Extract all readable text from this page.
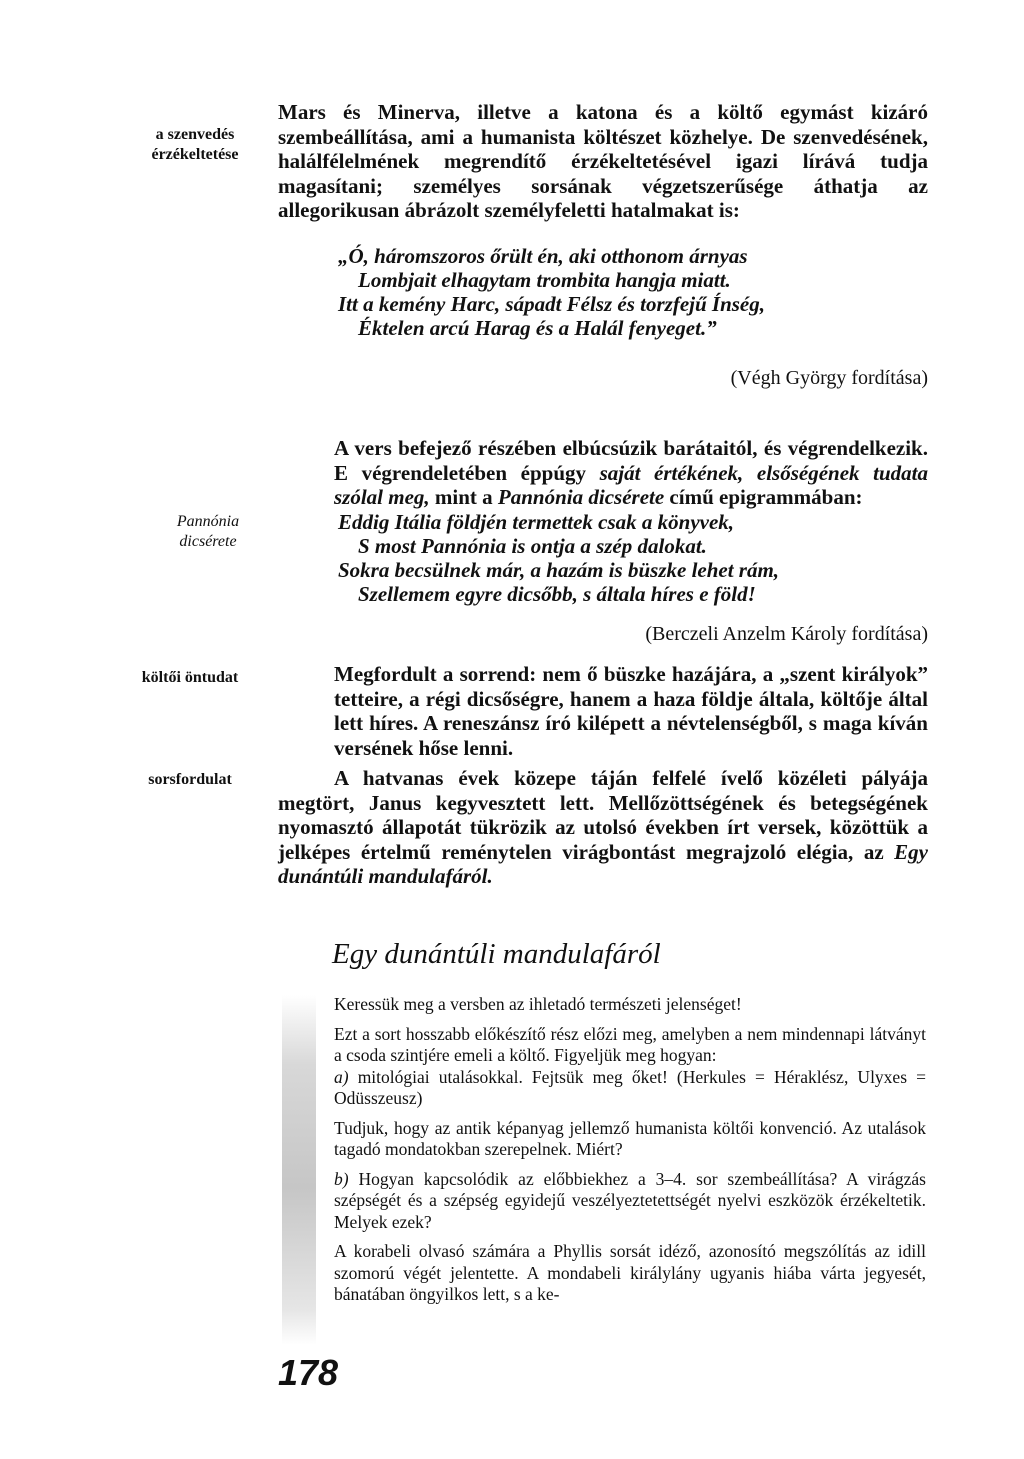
a szenvedés
érzékeltetése
Pannónia
dicsérete
költői öntudat
sorsfordulat

Mars és Minerva, illetve a katona és a költő egymást kizáró szembeállítása, ami a humanista költészet közhelye. De szenvedésének, halálfélelmének megrendítő érzékeltetésével igazi lírává tudja magasítani; személyes sorsának végzetszerűsége áthatja az allegorikusan ábrázolt személyfeletti hatalmakat is:

„Ó, háromszoros őrült én, aki otthonom árnyas
Lombjait elhagytam trombita hangja miatt.
Itt a kemény Harc, sápadt Félsz és torzfejű Ínség,
Éktelen arcú Harag és a Halál fenyeget.”
(Végh György fordítása)

A vers befejező részében elbúcsúzik barátaitól, és végrendelkezik. E végrendeletében éppúgy saját értékének, elsőségének tudata szólal meg, mint a Pannónia dicsérete című epigrammában:

Eddig Itália földjén termettek csak a könyvek,
S most Pannónia is ontja a szép dalokat.
Sokra becsülnek már, a hazám is büszke lehet rám,
Szellemem egyre dicsőbb, s általa híres e föld!
(Berczeli Anzelm Károly fordítása)

Megfordult a sorrend: nem ő büszke hazájára, a „szent királyok” tetteire, a régi dicsőségre, hanem a haza földje általa, költője által lett híres. A reneszánsz író kilépett a névtelenségből, s maga kíván versének hőse lenni.

A hatvanas évek közepe táján felfelé ívelő közéleti pályája megtört, Janus kegyvesztett lett. Mellőzöttségének és betegségének nyomasztó állapotát tükrözik az utolsó években írt versek, közöttük a jelképes értelmű reménytelen virágbontást megrajzoló elégia, az Egy dunántúli mandulafáról.

Egy dunántúli mandulafáról

Keressük meg a versben az ihletadó természeti jelenséget!

Ezt a sort hosszabb előkészítő rész előzi meg, amelyben a nem mindennapi látványt a csoda szintjére emeli a költő. Figyeljük meg hogyan:

a) mitológiai utalásokkal. Fejtsük meg őket! (Herkules = Héraklész, Ulyxes = Odüsszeusz)

Tudjuk, hogy az antik képanyag jellemző humanista költői konvenció. Az utalások tagadó mondatokban szerepelnek. Miért?

b) Hogyan kapcsolódik az előbbiekhez a 3–4. sor szembeállítása? A virágzás szépségét és a szépség egyidejű veszélyeztetettségét nyelvi eszközök érzékeltetik. Melyek ezek?

A korabeli olvasó számára a Phyllis sorsát idéző, azonosító megszólítás az idill szomorú végét jelentette. A mondabeli királylány ugyanis hiába várta jegyesét, bánatában öngyilkos lett, s a ke-

178
